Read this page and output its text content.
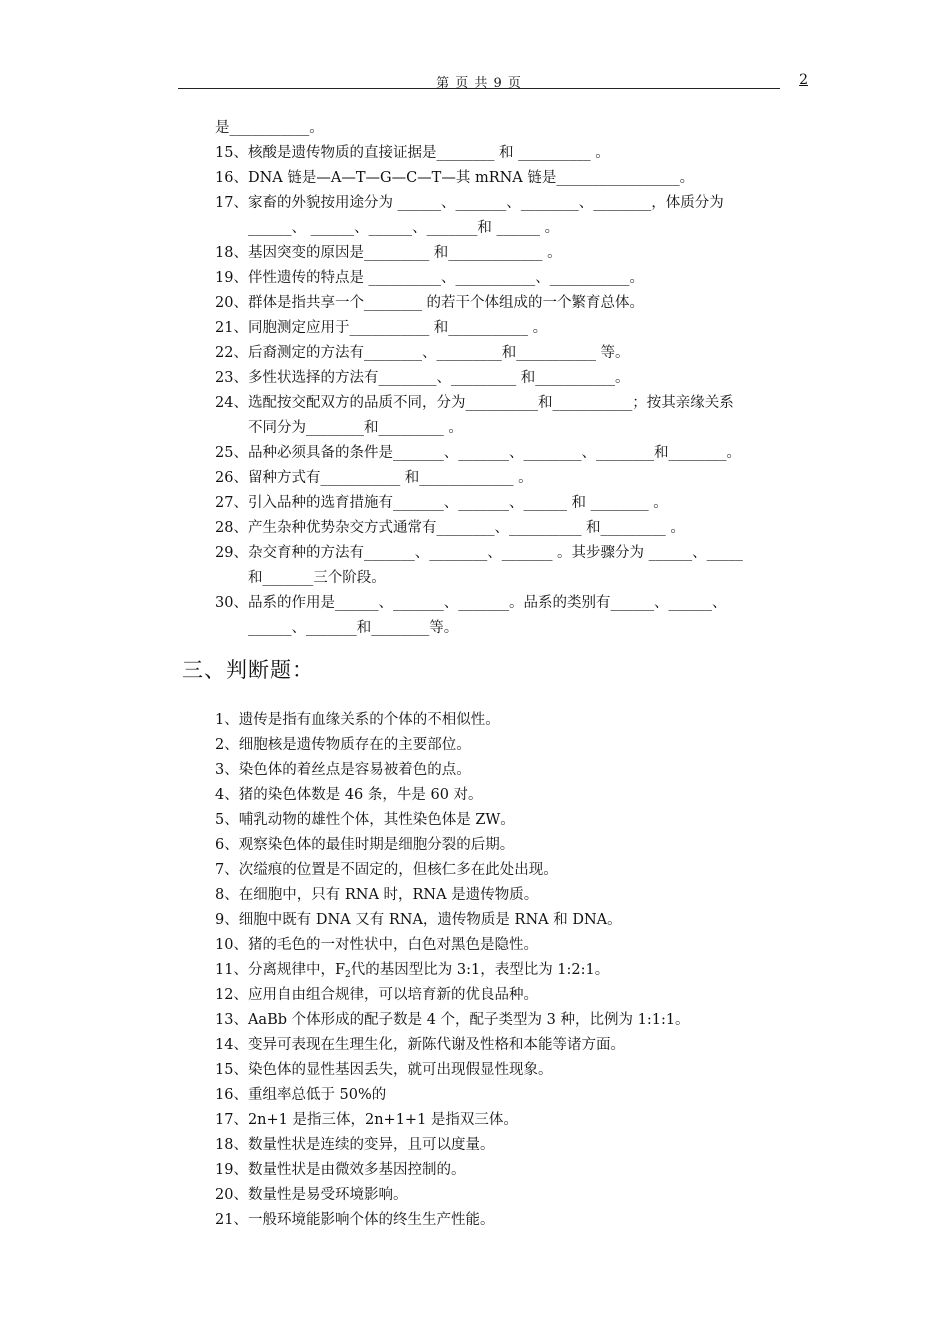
第 页 共 9 页	2
是___________。
15、核酸是遗传物质的直接证据是________ 和 __________ 。
16、DNA 链是—A—T—G—C—T—其 mRNA 链是_________________。
17、家畜的外貌按用途分为 ______、_______、________、________，体质分为
______、 ______、______、_______和 ______ 。
18、基因突变的原因是_________ 和_____________ 。
19、伴性遗传的特点是 __________、___________、___________。
20、群体是指共享一个________ 的若干个体组成的一个繁育总体。
21、同胞测定应用于___________ 和___________ 。
22、后裔测定的方法有________、_________和___________ 等。
23、多性状选择的方法有________、_________ 和___________。
24、选配按交配双方的品质不同，分为__________和___________；按其亲缘关系
不同分为________和_________ 。
25、品种必须具备的条件是_______、_______、________、________和________。
26、留种方式有___________ 和_____________ 。
27、引入品种的选育措施有_______、_______、______ 和 ________ 。
28、产生杂种优势杂交方式通常有________、__________ 和_________ 。
29、杂交育种的方法有_______、________、_______ 。其步骤分为 ______、_____
和_______三个阶段。
30、品系的作用是______、_______、_______。品系的类别有______、______、
______、_______和________等。
三、判断题：
1、遗传是指有血缘关系的个体的不相似性。
2、细胞核是遗传物质存在的主要部位。
3、染色体的着丝点是容易被着色的点。
4、猪的染色体数是 46 条，牛是 60 对。
5、哺乳动物的雄性个体，其性染色体是 ZW。
6、观察染色体的最佳时期是细胞分裂的后期。
7、次缢痕的位置是不固定的，但核仁多在此处出现。
8、在细胞中，只有 RNA 时，RNA 是遗传物质。
9、细胞中既有 DNA 又有 RNA，遗传物质是 RNA 和 DNA。
10、猪的毛色的一对性状中，白色对黑色是隐性。
11、分离规律中，$F_2$代的基因型比为 3:1，表型比为 1:2:1。
12、应用自由组合规律，可以培育新的优良品种。
13、AaBb 个体形成的配子数是 4 个，配子类型为 3 种，比例为 1:1:1。
14、变异可表现在生理生化，新陈代谢及性格和本能等诸方面。
15、染色体的显性基因丢失，就可出现假显性现象。
16、重组率总低于 50%的
17、2n+1 是指三体，2n+1+1 是指双三体。
18、数量性状是连续的变异，且可以度量。
19、数量性状是由微效多基因控制的。
20、数量性是易受环境影响。
21、一般环境能影响个体的终生生产性能。
